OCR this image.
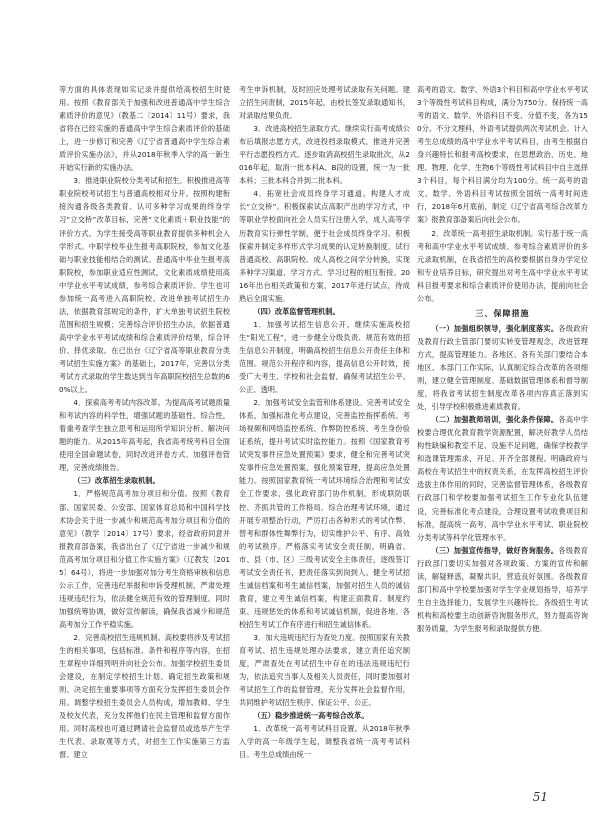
等方面的具体表现如实记录并提供给高校招生时使用。按照《教育部关于加强和改进普通高中学生综合素质评价的意见》（教基二〔2014〕11号）要求，我省将在已经实施的普通高中学生综合素质评价的基础上，进一步修订和完善《辽宁省普通高中学生综合素质评价实施办法》，并从2018年秋季入学的高一新生开始实行新的实施办法。

3．推进职业院校分类考试和招生。积极推进高等职业院校考试招生与普通高校相对分开。按照构建衔接沟通各级各类教育、认可多种学习成果的终身学习“立交桥”改革目标，完善“文化素质＋职业技能”的评价方式。为学生接受高等职业教育提供多种机会入学形式。中职学校毕业生报考高职院校，参加文化基础与职业技能相结合的测试。普通高中毕业生报考高职院校，参加职业适应性测试，文化素质成绩使用高中学业水平考试成绩，参考综合素质评价。学生也可参加统一高考进入高职院校。改进单独考试招生办法，依据教育部规定的条件，扩大单独考试招生院校范围和招生规模；完善综合评价招生办法，依据普通高中学业水平考试成绩和综合素质评价结果，综合评价、择优录取。在已出台《辽宁省高等职业教育分类考试招生实施方案》的基础上，2017年，完善以分类考试方式录取的学生数达到当年高职院校招生总数的60%以上。

4．探索高考考试内容改革。为提高高考试题质量和考试内容的科学性，增强试题的基础性、综合性，着重考查学生独立思考和运用所学知识分析、解决问题的能力。从2015年高考起，我省高考统考科目全面使用全国命题试卷，同时改进评卷方式、加强评卷管理，完善成绩报告。

（三）改革招生录取机制。

1．严格规范高考加分项目和分值。按照《教育部、国家民委、公安部、国家体育总局和中国科学技术协会关于进一步减少和规范高考加分项目和分值的意见》（教学〔2014〕17号）要求，经省政府同意并报教育部备案，我省出台了《辽宁省进一步减少和规范高考加分项目和分值工作实施方案》（辽教发〔2015〕64号），将进一步加强对加分考生资格审核和信息公示工作，完善违纪举报和申诉受理机制，严肃处理违规违纪行为，依法健全规范有效的管理制度。同时加强统筹协调，做好宣传解读，确保我省减少和规范高考加分工作平稳实施。

2．完善高校招生违规机制。高校要将涉及考试招生的相关事项，包括标准、条件和程序等内容，在招生章程中详细列明并向社会公布。加强学校招生委员会建设，在制定学校招生计划、确定招生政策和规则、决定招生重要事项等方面充分发挥招生委员会作用。调整学校招生委员会人员构成，增加教师、学生及校友代表，充分发挥他们在民主管理和监督方面作用。同时高校也可通过聘请社会监督员或选举产生学生代表、录取观等方式，对招生工作实施第三方监督。建立

考生申诉机制，及时回应处理考试录取有关问题。建立招生问责制，2015年起，由校长签发录取通知书，对录取结果负责。

3．改进高校招生录取方式。继续实行高考成绩公布后填报志愿方式，改进投档录取模式，推进并完善平行志愿投档方式。逐步取消高校招生录取批次，从2016年起，取消一批本科A、B段的设置，统一为一批本科；三批本科合并到二批本科。

4．拓宽社会成员终身学习通道。构建人才成长“立交桥”。积极探索试点高职产出的学习方式，中等职业学校面向社会人员实行注册入学，成人高等学历教育实行弹性学制，便于社会成员终身学习。积极探索并制定多样形式学习成果的认定转换制度，试行普通高校、高职院校、成人高校之间学分转换，实现多种学习渠道、学习方式、学习过程的相互衔接。2016年出台相关政策和方案，2017年进行试点，待成熟后全面实施。

（四）改革监督管理机制。

1．加强考试招生信息公开。继续实施高校招生“阳光工程”，进一步健全分级负责、规范有效的招生信息公开制度，明确高校招生信息公开责任主体和范围。规范公开程序和内容，提高信息公开时效，接受广大考生、学校和社会监督，确保考试招生公平、公正、透明。

2．加强考试安全监管和体系建设。完善考试安全体系，加强标准化考点建设，完善监控指挥系统、考场视频和网络监控系统、作弊防控系统、考生身份验证系统，提升考试实时监控能力。按照《国家教育考试突发事件应急处置预案》要求，健全和完善考试突发事件应急处置预案，强化预案管理，提高应急处置能力。按照国家教育统一考试环境综合治理和考试安全工作要求，强化政府部门协作机制，形成联防联控、齐抓共管的工作格局。综合治理考试环境，通过开展专项整治行动，严厉打击各种形式的考试作弊、替考和群体性舞弊行为，切实维护公平、有序、高效的考试秩序。严格落实考试安全责任制。明确省、市、县（市、区）三级考试安全主体责任，逐级签订考试安全责任书，把责任落实到岗到人。健全考试招生诚信档案和考生诚信档案，加强对招生人员的诚信教育，建立考生诚信档案，构建正面教育、制度约束、违规惩处的体系和考试诚信机制，促进各地、各校招生考试工作有序进行和招生诚信体系。

3．加大违规违纪行为查处力度。按照国家有关教育考试、招生违规处理办法要求，建立责任追究制度，严肃查处在考试招生中存在的违法违规违纪行为，依法追究当事人及相关人员责任，同时要加强对考试招生工作的监督管理，充分发挥社会监督作用，共同维护考试招生秩序、保证公平、公正。

（五）稳步推进统一高考综合改革。

1．改革统一高考考试科目设置。从2018年秋季入学的高一年级学生起，调整我省统一高考考试科目。考生总成绩由统一

高考的语文、数学、外语3个科目和高中学业水平考试3个等级性考试科目构成，满分为750分。保持统一高考的语文、数学、外语科目不变、分值不变，各为150分。不分文理科，外语考试提供两次考试机会。计入考生总成绩的高中学业水平考试科目，由考生根据自身兴趣特长和报考高校要求，在思想政治、历史、地理、物理、化学、生物6个等级性考试科目中自主选择3个科目，每个科目满分均为100分。统一高考的语文、数学、外语科目考试按照全国统一高考时间进行，2018年6月底前，制定《辽宁省高考综合改革方案》报教育部备案后向社会公布。

2．改革统一高考招生录取机制。实行基于统一高考和高中学业水平考试成绩、参考综合素质评价的多元录取机制，在我省招生的高校要根据自身办学定位和专业培养目标，研究提出对考生高中学业水平考试科目报考要求和综合素质评价使用办法，提前向社会公布。

三、保障措施

（一）加强组织领导，强化制度落实。各级政府及教育行政主管部门要切实转变管理观念，改进管理方式，提高管理能力。各地区、各有关部门要结合本地区、本部门工作实际，认真制定综合改革的各项细则，建立健全管理制度、基础数据管理体系和督导制度，将我省考试招生制度改革各项内容真正落到实处，引导学校积极推进素质教育。

（二）加强教师培训，强化条件保障。各高中学校要合理优化教育教学资源配置，解决好教学人员结构性缺编和教室不足、设施不足问题，确保学校教学和选课管理需求，开足、开齐全部课程。明确政府与高校在考试招生中的权责关系，在发挥高校招生评价选拔主体作用的同时，完善监督管理体系，各级教育行政部门和学校要加强考试招生工作专业化队伍建设，完善标准化考点建设，合理设置考试收费项目和标准，提高统一高考、高中学业水平考试、职业院校分类考试等科学化管理水平。

（三）加强宣传指导，做好咨询服务。各级教育行政部门要切实加强对各项政策、方案的宣传和解读，解疑释惑，凝聚共识，营造良好氛围。各级教育部门和高中学校要加强对学生学业规划指导，培养学生自主选择能力，发展学生兴趣特长。各级招生考试机构和高校要主动创新咨询服务形式，努力提高咨询服务质量，为学生报考和录取提供方便。

51
